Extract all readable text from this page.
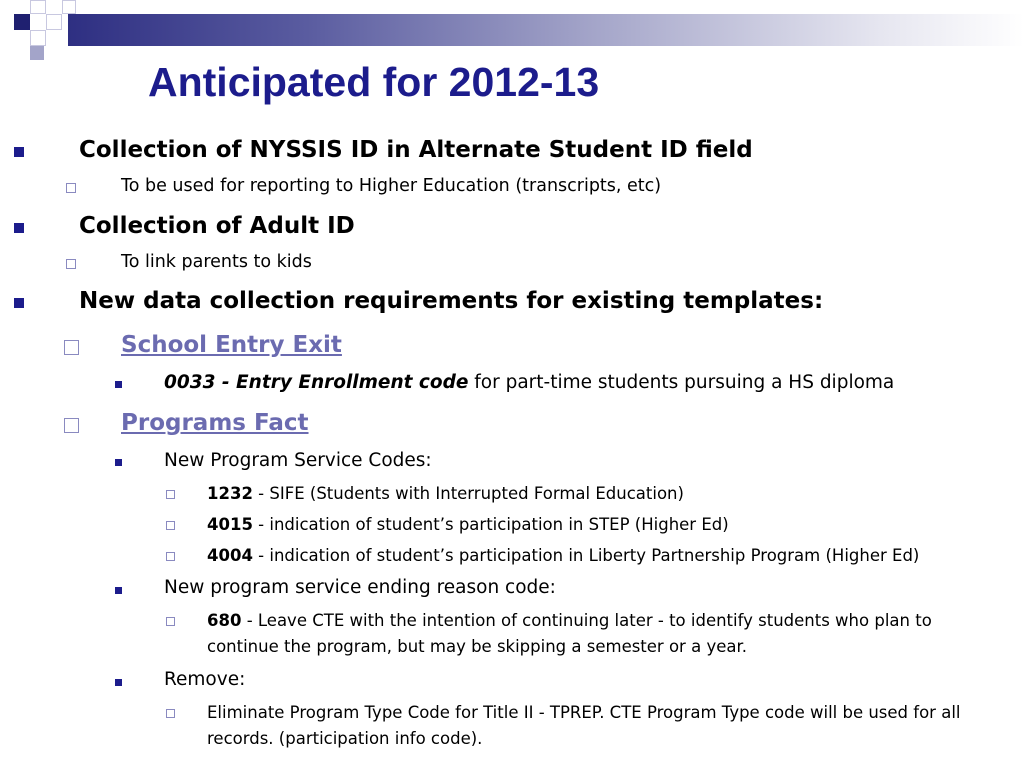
Anticipated for 2012-13
Collection of NYSSIS ID in Alternate Student ID field
To be used for reporting to Higher Education (transcripts, etc)
Collection of Adult ID
To link parents to kids
New data collection requirements for existing templates:
School Entry Exit
0033 - Entry Enrollment code for part-time students pursuing a HS diploma
Programs Fact
New Program Service Codes:
1232 - SIFE (Students with Interrupted Formal Education)
4015 - indication of student’s participation in STEP (Higher Ed)
4004 - indication of student’s participation in Liberty Partnership Program (Higher Ed)
New program service ending reason code:
680 - Leave CTE with the intention of continuing later - to identify students who plan to continue the program, but may be skipping a semester or a year.
Remove:
Eliminate Program Type Code for Title II - TPREP. CTE Program Type code will be used for all records. (participation info code).
